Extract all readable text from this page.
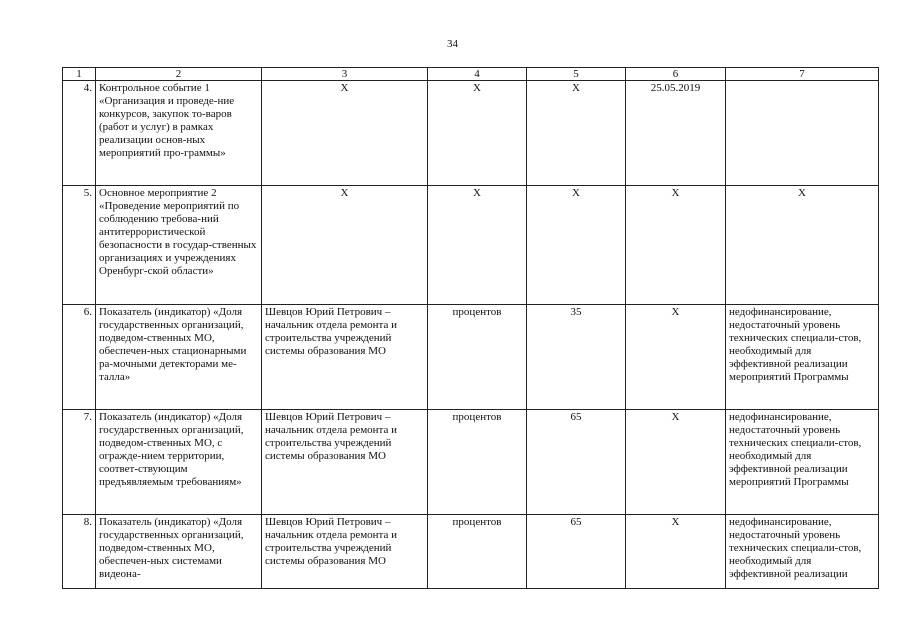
34
1	2	3	4	5	6	7
4.	Контрольное событие 1 «Организация и проведе-ние конкурсов, закупок то-варов (работ и услуг) в рамках реализации основ-ных мероприятий про-граммы»	Х	Х	Х	25.05.2019	
5.	Основное мероприятие 2 «Проведение мероприятий по соблюдению требова-ний антитеррористической безопасности в государ-ственных организациях и учреждениях Оренбург-ской области»	Х	Х	Х	Х	Х
6.	Показатель (индикатор) «Доля государственных организаций, подведом-ственных МО, обеспечен-ных стационарными ра-мочными детекторами ме-талла»	Шевцов Юрий Петрович – начальник отдела ремонта и строительства учреждений системы образования МО	процентов	35	Х	недофинансирование, недостаточный уровень технических специали-стов, необходимый для эффективной реализации мероприятий Программы
7.	Показатель (индикатор) «Доля государственных организаций, подведом-ственных МО, с огражде-нием территории, соответ-ствующим предъявляемым требованиям»	Шевцов Юрий Петрович – начальник отдела ремонта и строительства учреждений системы образования МО	процентов	65	Х	недофинансирование, недостаточный уровень технических специали-стов, необходимый для эффективной реализации мероприятий Программы
8.	Показатель (индикатор) «Доля государственных организаций, подведом-ственных МО, обеспечен-ных системами видеона-	Шевцов Юрий Петрович – начальник отдела ремонта и строительства учреждений системы образования МО	процентов	65	Х	недофинансирование, недостаточный уровень технических специали-стов, необходимый для эффективной реализации
